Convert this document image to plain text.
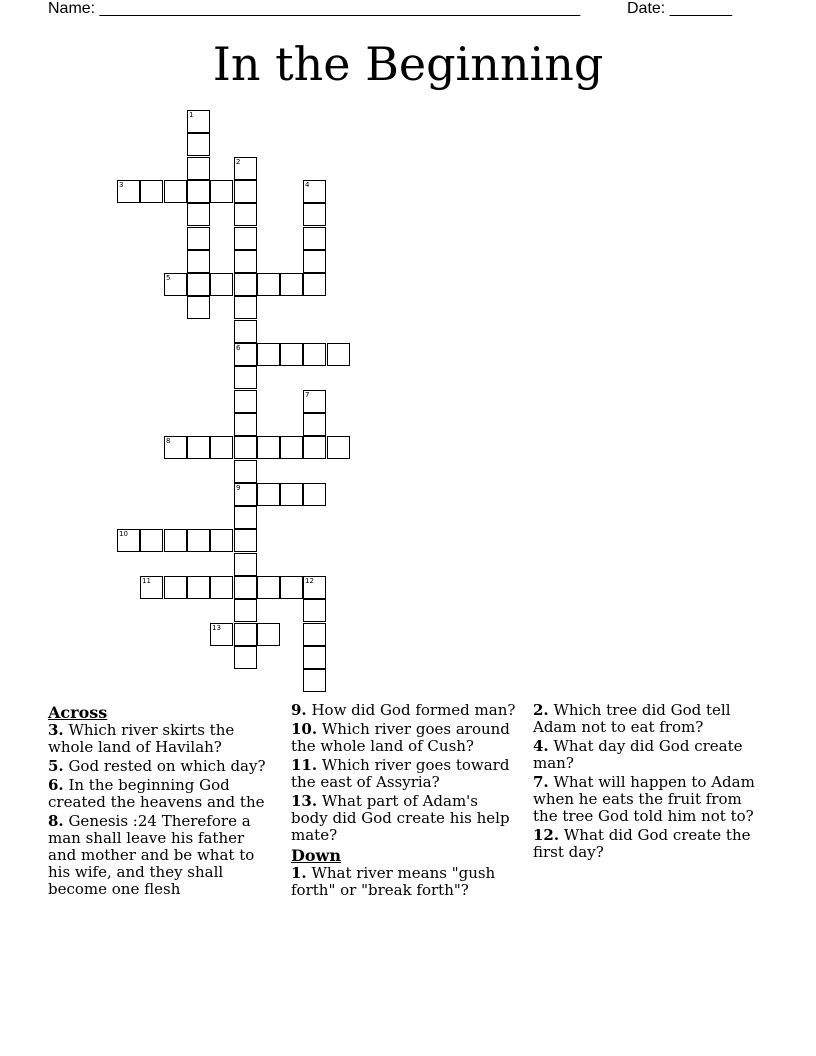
Name: ______________________________________________________	Date: _______
In the Beginning
1
2
6
9
3	4
5
7
8
10
11	12
13
Across
3. Which river skirts the whole land of Havilah?
5. God rested on which day?
6. In the beginning God created the heavens and the
8. Genesis :24 Therefore a man shall leave his father and mother and be what to his wife, and they shall become one flesh
9. How did God formed man?
10. Which river goes around the whole land of Cush?
11. Which river goes toward the east of Assyria?
13. What part of Adam's body did God create his help mate?
Down
1. What river means "gush forth" or "break forth"?
2. Which tree did God tell Adam not to eat from?
4. What day did God create man?
7. What will happen to Adam when he eats the fruit from the tree God told him not to?
12. What did God create the first day?
